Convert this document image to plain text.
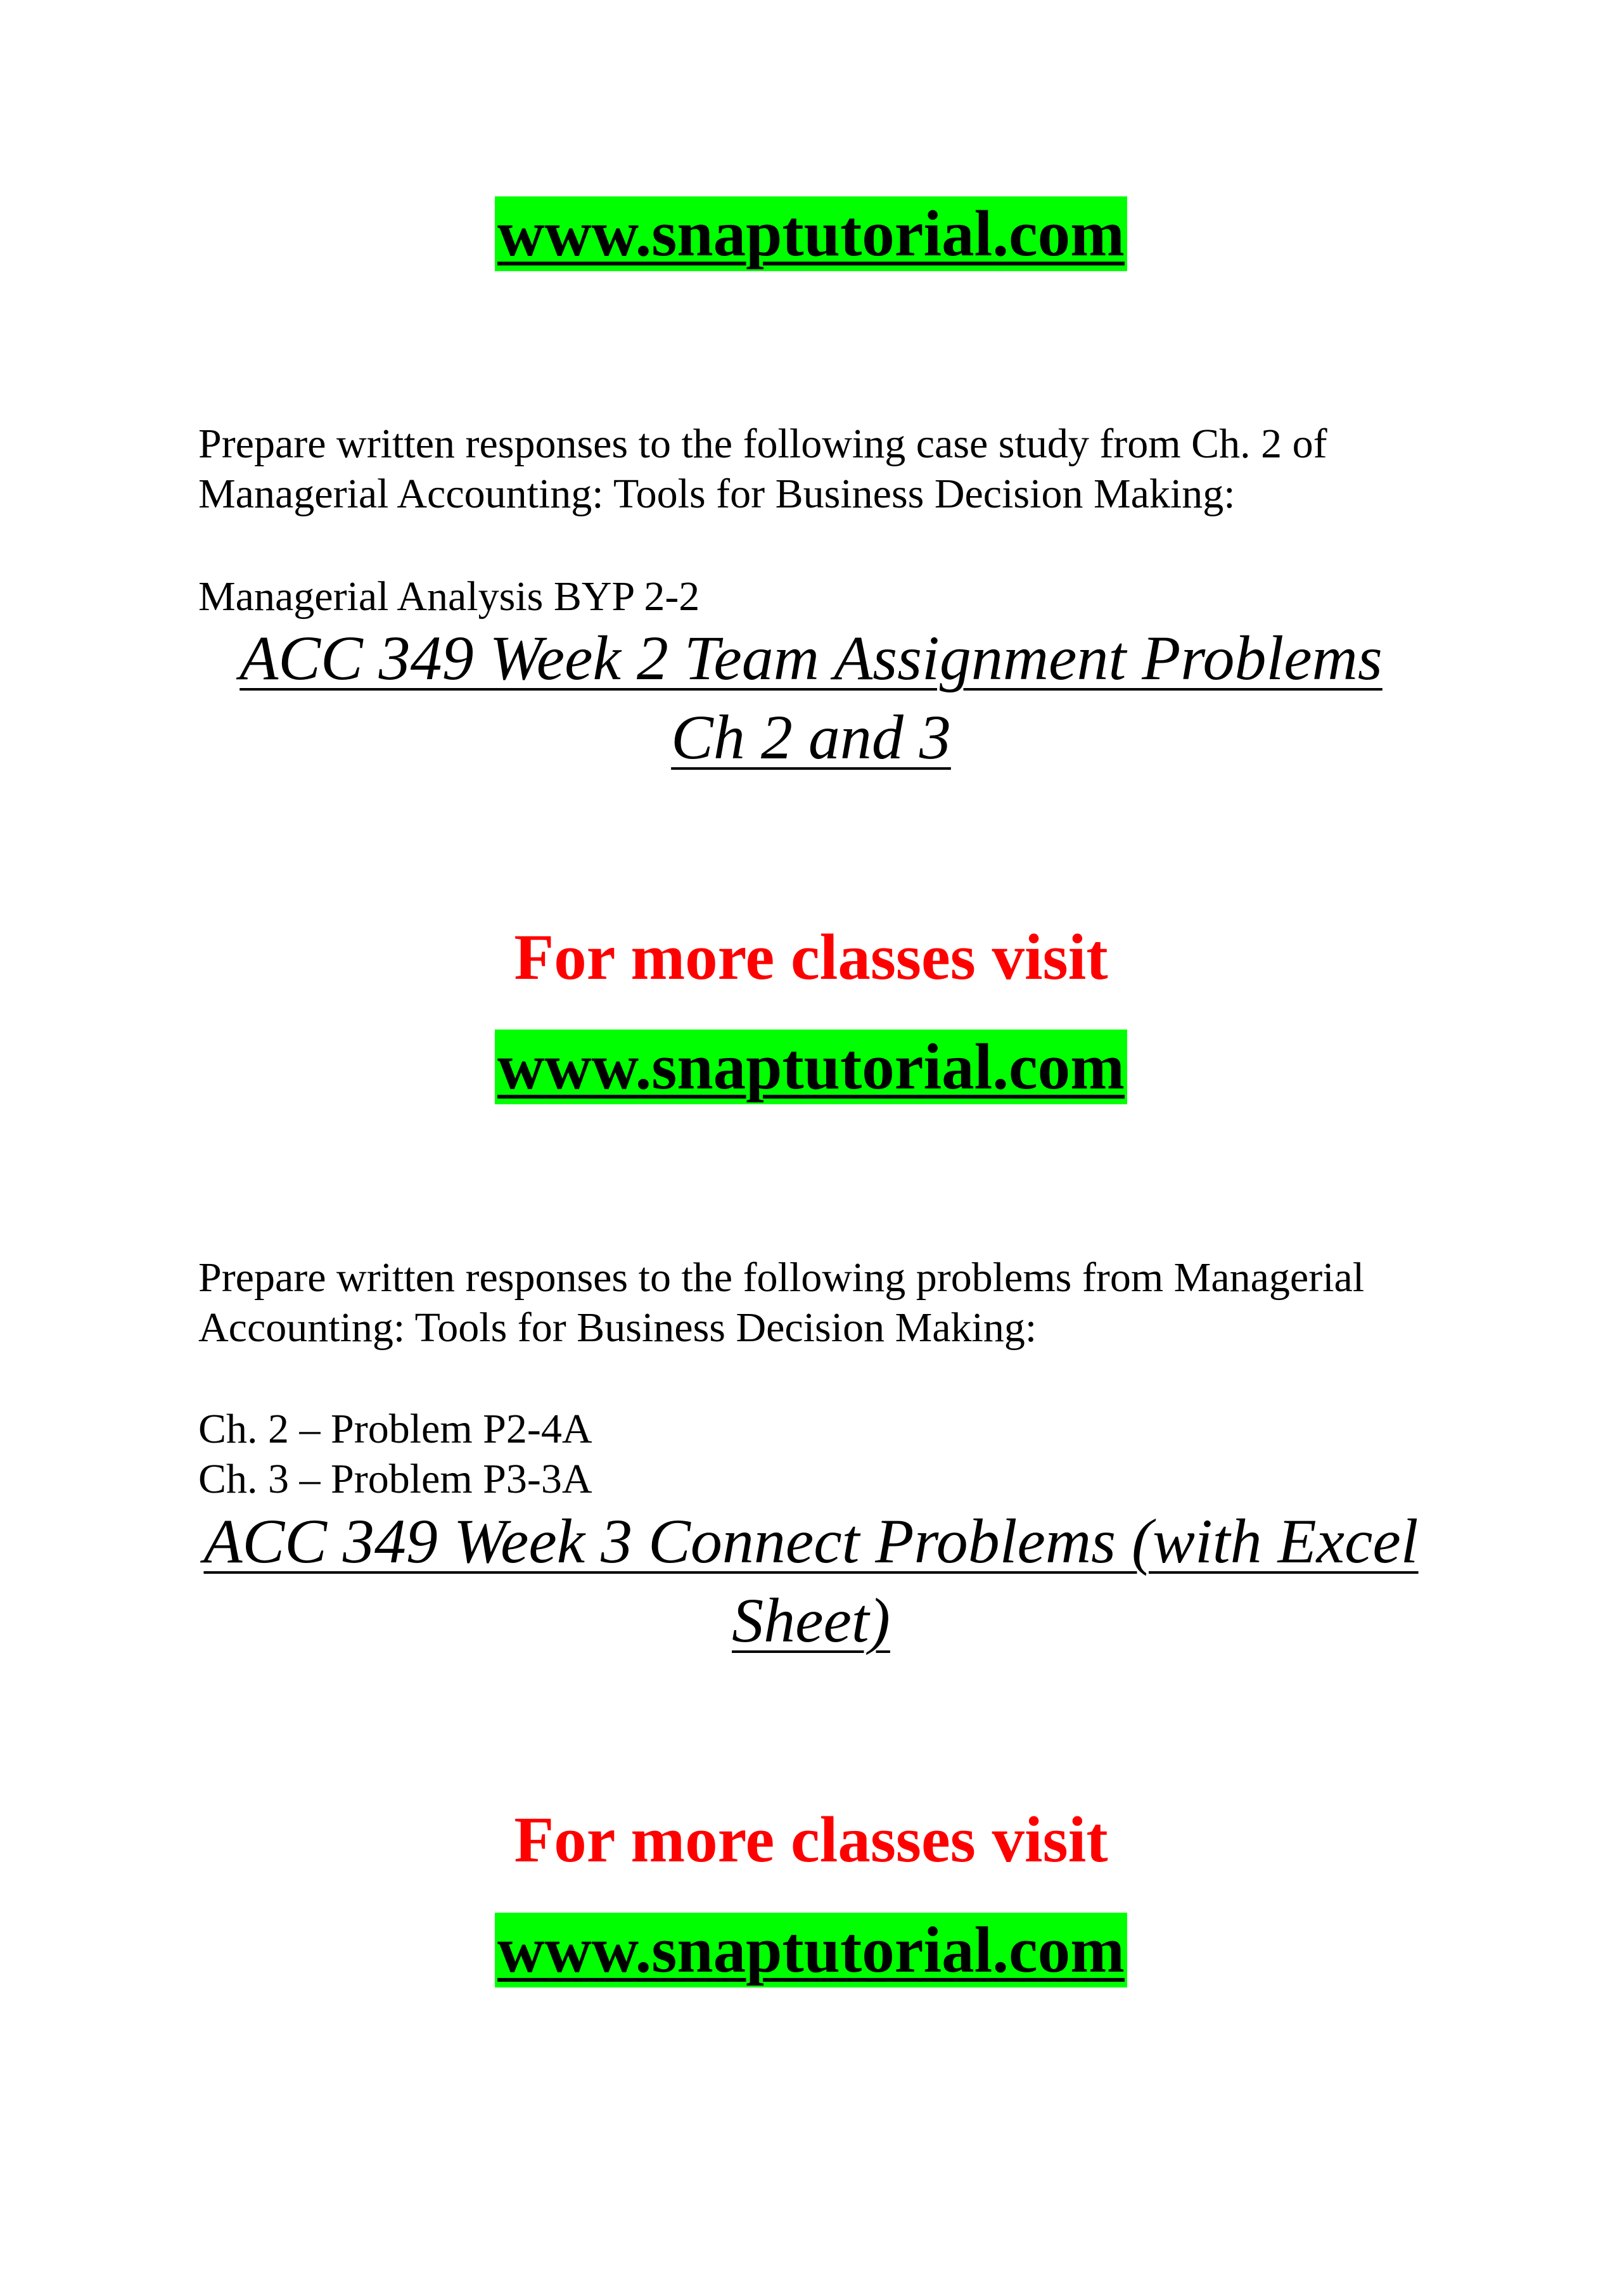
www.snaptutorial.com

Prepare written responses to the following case study from Ch. 2 of

Managerial Accounting: Tools for Business Decision Making:

Managerial Analysis BYP 2-2

ACC 349 Week 2 Team Assignment Problems
Ch 2 and 3
For more classes visit
www.snaptutorial.com

Prepare written responses to the following problems from Managerial

Accounting: Tools for Business Decision Making:

Ch. 2 – Problem P2-4A

Ch. 3 – Problem P3-3A

ACC 349 Week 3 Connect Problems (with Excel
Sheet)
For more classes visit
www.snaptutorial.com
